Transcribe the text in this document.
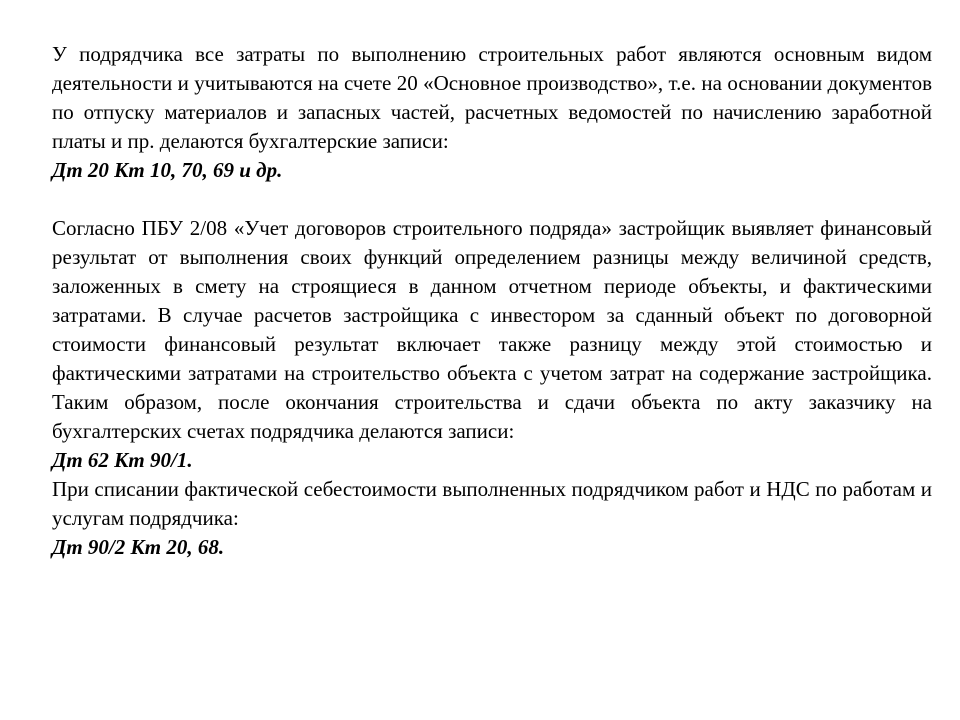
У подрядчика все затраты по выполнению строительных работ являются основным видом деятельности и учитываются на счете 20 «Основное производство», т.е. на основании документов по отпуску материалов и запасных частей, расчетных ведомостей по начислению заработной платы и пр. делаются бухгалтерские записи:

Дт 20 Кт 10, 70, 69 и др.

Согласно ПБУ 2/08 «Учет договоров строительного подряда» застройщик выявляет финансовый результат от выполнения своих функций определением разницы между величиной средств, заложенных в смету на строящиеся в данном отчетном периоде объекты, и фактическими затратами. В случае расчетов застройщика с инвестором за сданный объект по договорной стоимости финансовый результат включает также разницу между этой стоимостью и фактическими затратами на строительство объекта с учетом затрат на содержание застройщика. Таким образом, после окончания строительства и сдачи объекта по акту заказчику на бухгалтерских счетах подрядчика делаются записи:

Дт 62 Кт 90/1.

При списании фактической себестоимости выполненных подрядчиком работ и НДС по работам и услугам подрядчика:

Дт 90/2 Кт 20, 68.
